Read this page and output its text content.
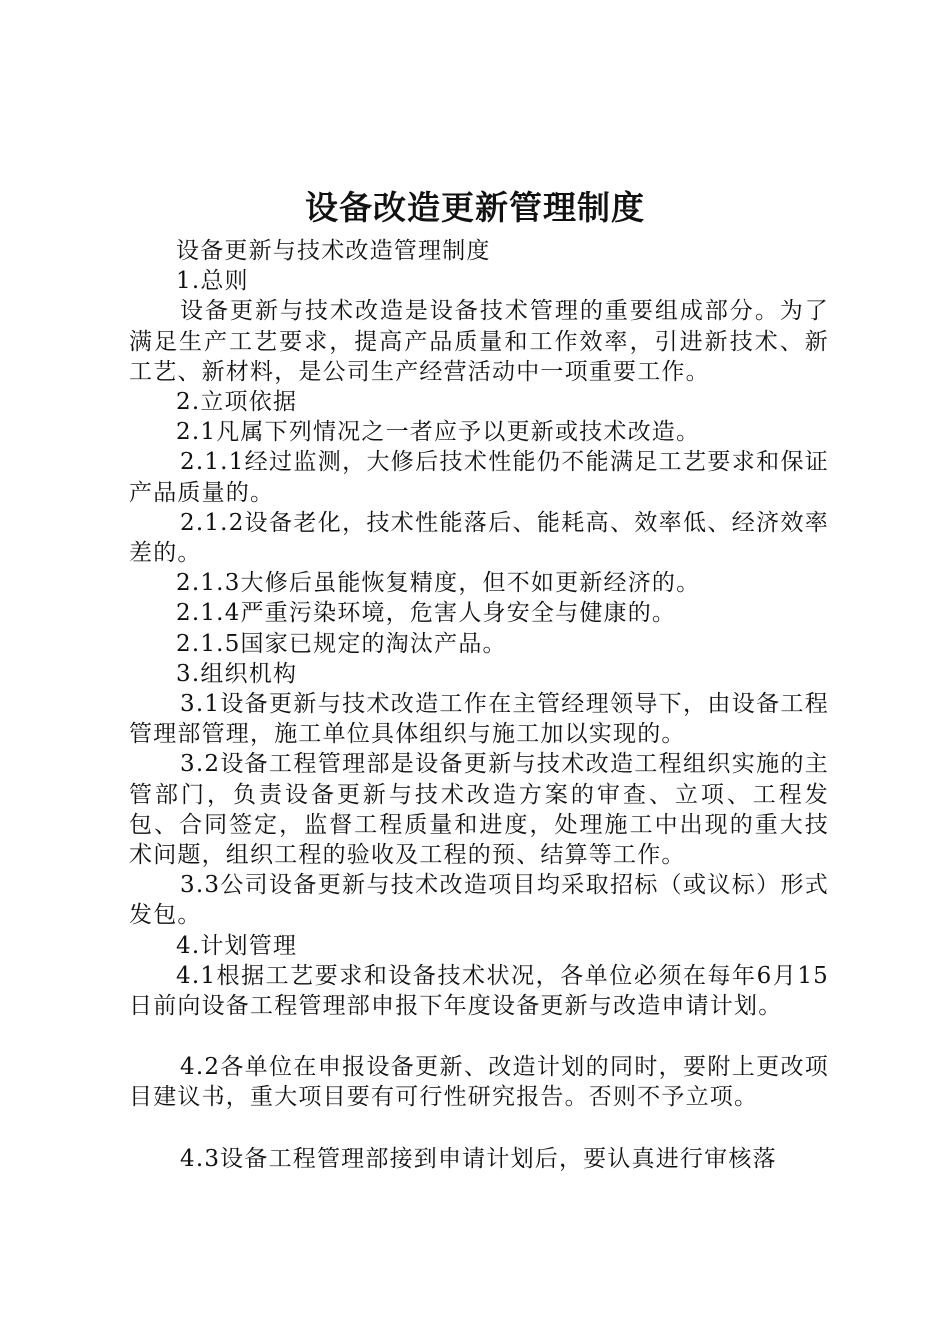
设备改造更新管理制度

设备更新与技术改造管理制度

1.总则

设备更新与技术改造是设备技术管理的重要组成部分。为了满足生产工艺要求，提高产品质量和工作效率，引进新技术、新工艺、新材料，是公司生产经营活动中一项重要工作。

2.立项依据

2.1凡属下列情况之一者应予以更新或技术改造。

2.1.1经过监测，大修后技术性能仍不能满足工艺要求和保证产品质量的。

2.1.2设备老化，技术性能落后、能耗高、效率低、经济效率差的。

2.1.3大修后虽能恢复精度，但不如更新经济的。

2.1.4严重污染环境，危害人身安全与健康的。

2.1.5国家已规定的淘汰产品。

3.组织机构

3.1设备更新与技术改造工作在主管经理领导下，由设备工程管理部管理，施工单位具体组织与施工加以实现的。

3.2设备工程管理部是设备更新与技术改造工程组织实施的主管部门，负责设备更新与技术改造方案的审查、立项、工程发包、合同签定，监督工程质量和进度，处理施工中出现的重大技术问题，组织工程的验收及工程的预、结算等工作。

3.3公司设备更新与技术改造项目均采取招标（或议标）形式发包。

4.计划管理

4.1根据工艺要求和设备技术状况，各单位必须在每年6月15日前向设备工程管理部申报下年度设备更新与改造申请计划。

4.2各单位在申报设备更新、改造计划的同时，要附上更改项目建议书，重大项目要有可行性研究报告。否则不予立项。

4.3设备工程管理部接到申请计划后，要认真进行审核落
